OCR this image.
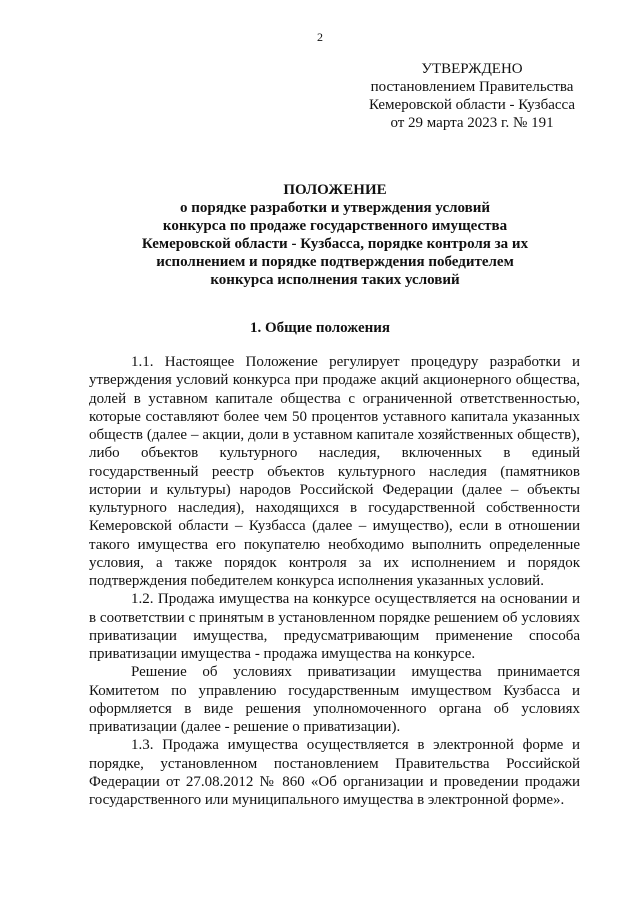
2
УТВЕРЖДЕНО
постановлением Правительства
Кемеровской области - Кузбасса
от 29 марта 2023 г. № 191
ПОЛОЖЕНИЕ
о порядке разработки и утверждения условий
конкурса по продаже государственного имущества
Кемеровской области - Кузбасса, порядке контроля за их
исполнением и порядке подтверждения победителем
конкурса исполнения таких условий
1. Общие положения

1.1. Настоящее Положение регулирует процедуру разработки и утверждения условий конкурса при продаже акций акционерного общества, долей в уставном капитале общества с ограниченной ответственностью, которые составляют более чем 50 процентов уставного капитала указанных обществ (далее – акции, доли в уставном капитале хозяйственных обществ), либо объектов культурного наследия, включенных в единый государственный реестр объектов культурного наследия (памятников истории и культуры) народов Российской Федерации (далее – объекты культурного наследия), находящихся в государственной собственности Кемеровской области – Кузбасса (далее – имущество), если в отношении такого имущества его покупателю необходимо выполнить определенные условия, а также порядок контроля за их исполнением и порядок подтверждения победителем конкурса исполнения указанных условий.

1.2. Продажа имущества на конкурсе осуществляется на основании и в соответствии с принятым в установленном порядке решением об условиях приватизации имущества, предусматривающим применение способа приватизации имущества - продажа имущества на конкурсе.

Решение об условиях приватизации имущества принимается Комитетом по управлению государственным имуществом Кузбасса и оформляется в виде решения уполномоченного органа об условиях приватизации (далее - решение о приватизации).

1.3. Продажа имущества осуществляется в электронной форме и порядке, установленном постановлением Правительства Российской Федерации от 27.08.2012 № 860 «Об организации и проведении продажи государственного или муниципального имущества в электронной форме».
